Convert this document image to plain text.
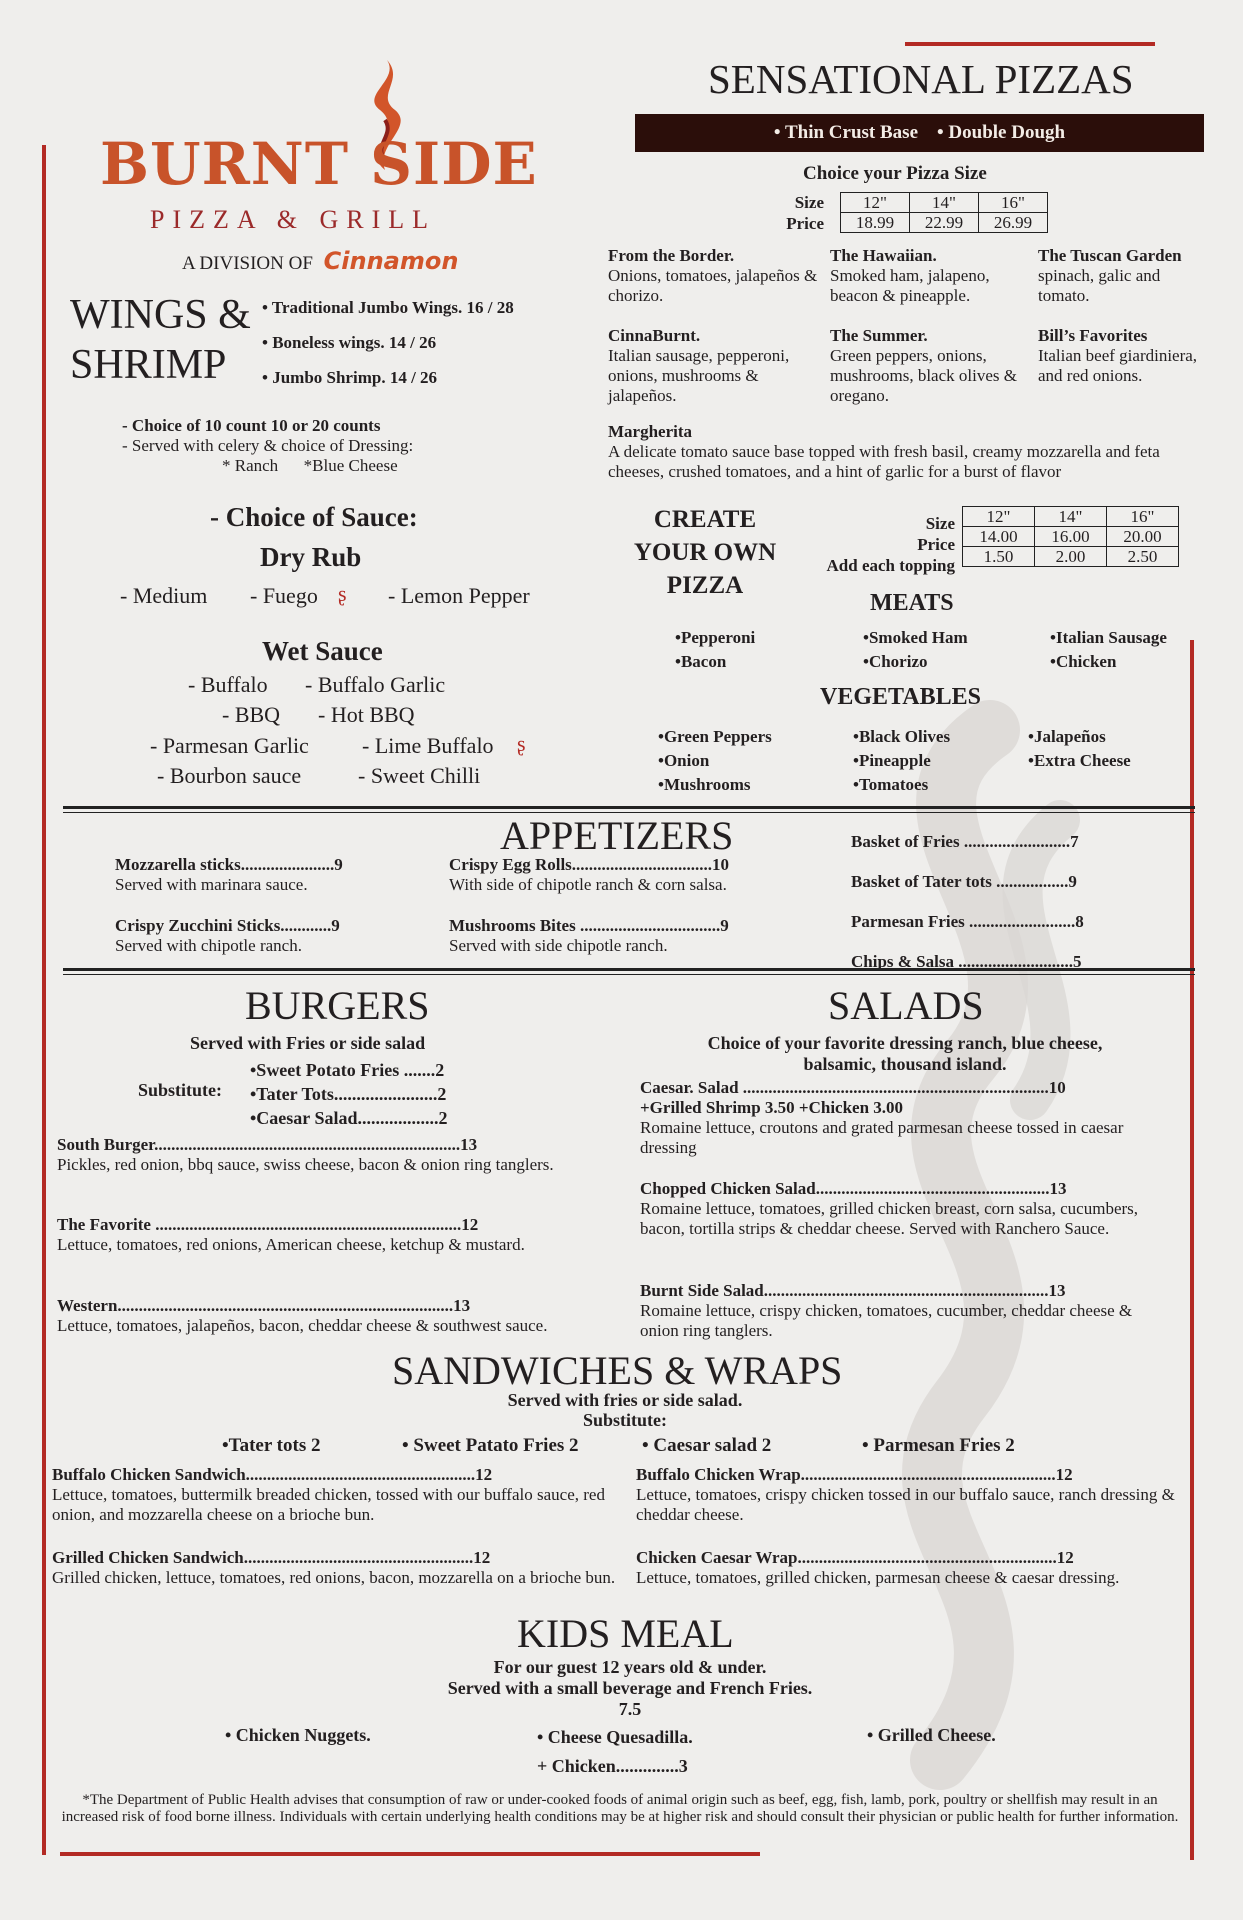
BURNT SIDE
PIZZA & GRILL
A DIVISION OF Cinnamon
WINGS &
SHRIMP
• Traditional Jumbo Wings. 16 / 28
• Boneless wings. 14 / 26
• Jumbo Shrimp. 14 / 26
- Choice of 10 count 10 or 20 counts
- Served with celery & choice of Dressing:
* Ranch      *Blue Cheese
- Choice of Sauce:
Dry Rub
- Medium - Fuego ʂ - Lemon Pepper
Wet Sauce
- Buffalo - Buffalo Garlic
- BBQ - Hot BBQ
- Parmesan Garlic - Lime Buffalo ʂ
- Bourbon sauce	- Sweet Chilli
SENSATIONAL PIZZAS
• Thin Crust Base    • Double Dough
Choice your Pizza Size
Size
Price
12"	14"	16"
18.99	22.99	26.99
From the Border.
Onions, tomatoes, jalapeños & chorizo.
The Hawaiian.
Smoked ham, jalapeno, beacon & pineapple.
The Tuscan Garden
spinach, galic and tomato.
CinnaBurnt.
Italian sausage, pepperoni, onions, mushrooms & jalapeños.
The Summer.
Green peppers, onions, mushrooms, black olives & oregano.
Bill’s Favorites
Italian beef giardiniera, and red onions.
Margherita
A delicate tomato sauce base topped with fresh basil, creamy mozzarella and feta cheeses, crushed tomatoes, and a hint of garlic for a burst of flavor
CREATE
YOUR OWN
PIZZA
Size
Price
Add each topping
12"	14"	16"
14.00	16.00	20.00
1.50	2.00	2.50
MEATS
•Pepperoni	•Smoked Ham	•Italian Sausage
•Bacon	•Chorizo	•Chicken
VEGETABLES
•Green Peppers	•Black Olives	•Jalapeños
•Onion	•Pineapple	•Extra Cheese
•Mushrooms	•Tomatoes
APPETIZERS
Mozzarella sticks......................9
Served with marinara sauce.
Crispy Zucchini Sticks............9
Served with chipotle ranch.
Crispy Egg Rolls.................................10
With side of chipotle ranch & corn salsa.
Mushrooms Bites .................................9
Served with side chipotle ranch.
Basket of Fries .........................7
Basket of Tater tots .................9
Parmesan Fries .........................8
Chips & Salsa ...........................5
BURGERS
Served with Fries or side salad
Substitute:
•Sweet Potato Fries .......2
•Tater Tots.......................2
•Caesar Salad..................2
South Burger........................................................................13
Pickles, red onion, bbq sauce, swiss cheese, bacon & onion ring tanglers.
The Favorite ........................................................................12
Lettuce, tomatoes, red onions, American cheese, ketchup & mustard.
Western...............................................................................13
Lettuce, tomatoes, jalapeños, bacon, cheddar cheese & southwest sauce.
SALADS
Choice of your favorite dressing ranch, blue cheese,
balsamic, thousand island.
Caesar. Salad ........................................................................10
+Grilled Shrimp 3.50 +Chicken 3.00
Romaine lettuce, croutons and grated parmesan cheese tossed in caesar dressing
Chopped Chicken Salad.......................................................13
Romaine lettuce, tomatoes, grilled chicken breast, corn salsa, cucumbers, bacon, tortilla strips & cheddar cheese. Served with Ranchero Sauce.
Burnt Side Salad...................................................................13
Romaine lettuce, crispy chicken, tomatoes, cucumber, cheddar cheese & onion ring tanglers.
SANDWICHES & WRAPS
Served with fries or side salad.
Substitute:
•Tater tots 2	• Sweet Patato Fries 2	• Caesar salad 2	• Parmesan Fries 2
Buffalo Chicken Sandwich......................................................12
Lettuce, tomatoes, buttermilk breaded chicken, tossed with our buffalo sauce, red onion, and mozzarella cheese on a brioche bun.
Grilled Chicken Sandwich......................................................12
Grilled chicken, lettuce, tomatoes, red onions, bacon, mozzarella on a brioche bun.
Buffalo Chicken Wrap............................................................12
Lettuce, tomatoes, crispy chicken tossed in our buffalo sauce, ranch dressing & cheddar cheese.
Chicken Caesar Wrap.............................................................12
Lettuce, tomatoes, grilled chicken, parmesan cheese & caesar dressing.
KIDS MEAL
For our guest 12 years old & under.
Served with a small beverage and French Fries.
7.5
• Chicken Nuggets.	• Cheese Quesadilla.	• Grilled Cheese.
+ Chicken..............3
*The Department of Public Health advises that consumption of raw or under-cooked foods of animal origin such as beef, egg, fish, lamb, pork, poultry or shellfish may result in an increased risk of food borne illness. Individuals with certain underlying health conditions may be at higher risk and should consult their physician or public health for further information.
